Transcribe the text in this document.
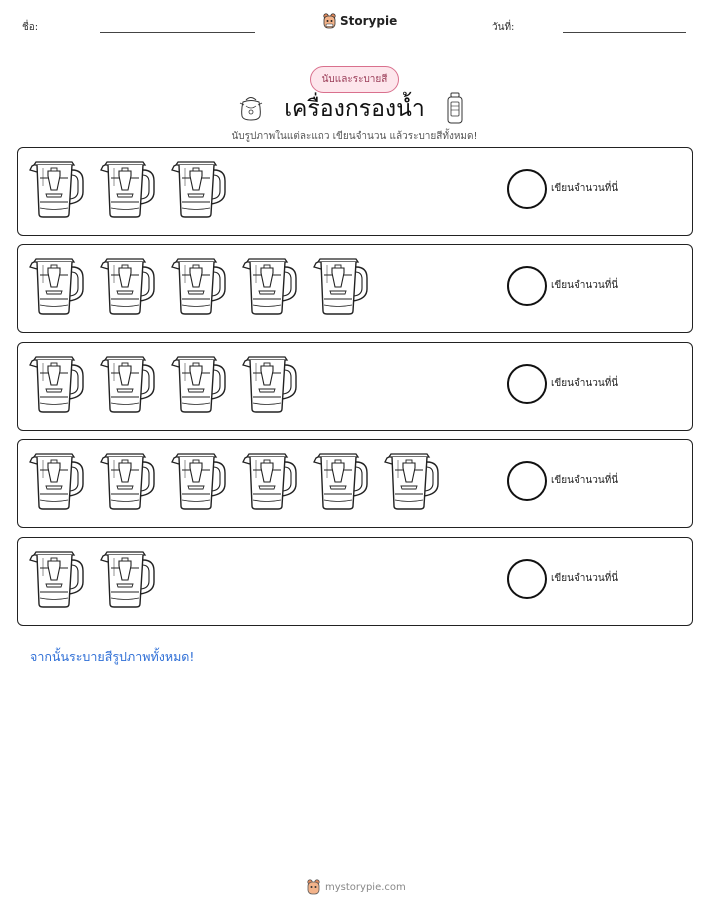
ชื่อ:	Storypie	วันที่:
นับและระบายสี
เครื่องกรองน้ำ
นับรูปภาพในแต่ละแถว เขียนจำนวน แล้วระบายสีทั้งหมด!
เขียนจำนวนที่นี่
เขียนจำนวนที่นี่
เขียนจำนวนที่นี่
เขียนจำนวนที่นี่
เขียนจำนวนที่นี่
จากนั้นระบายสีรูปภาพทั้งหมด!
mystorypie.com
